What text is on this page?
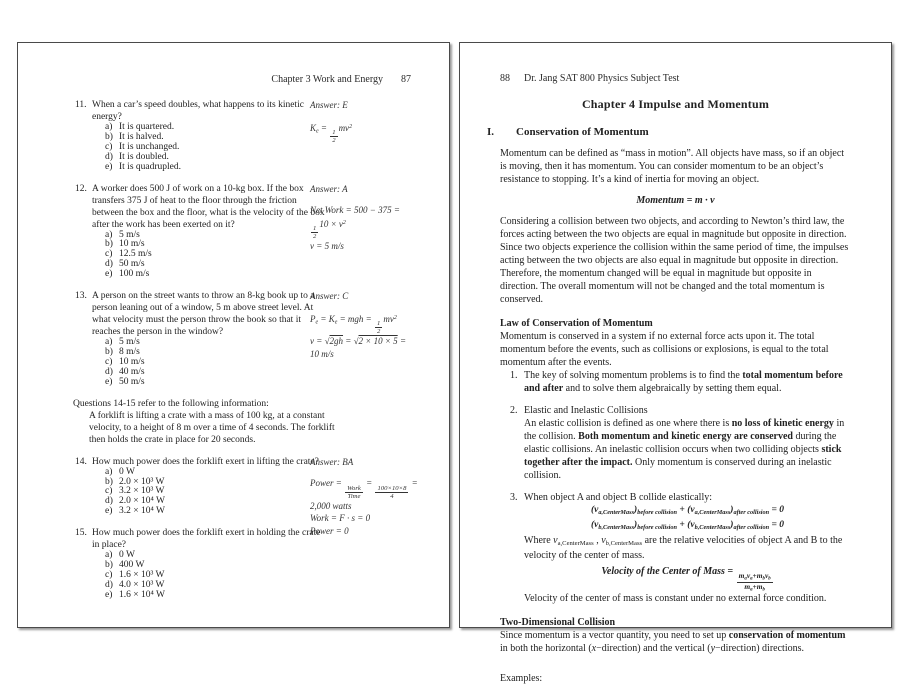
Chapter 3 Work and Energy 87
11. When a car’s speed doubles, what happens to its kinetic energy?
a) It is quartered.
b) It is halved.
c) It is unchanged.
d) It is doubled.
e) It is quadrupled.
Answer: E
Ke =
$\frac{1}{2}$
$mv^2$
12. A worker does 500 J of work on a 10-kg box. If the box transfers 375 J of heat to the floor through the friction between the box and the floor, what is the velocity of the box after the work has been exerted on it?
a) 5 m/s
b) 10 m/s
c) 12.5 m/s
d) 50 m/s
e) 100 m/s
Answer: A
Net Work = 500 − 375 =
$\frac{1}{2}$
$10 \times v^2$
v = 5 m/s
13. A person on the street wants to throw an 8-kg book up to a person leaning out of a window, 5 m above street level. At what velocity must the person throw the book so that it reaches the person in the window?
a) 5 m/s
b) 8 m/s
c) 10 m/s
d) 40 m/s
e) 50 m/s
Answer: C
Pe = Ke = mgh =
$\frac{1}{2}$
$mv^2$
v = √2gh = √2 × 10 × 5 =
10 m/s
Questions 14-15 refer to the following information:
A forklift is lifting a crate with a mass of 100 kg, at a constant velocity, to a height of 8 m over a time of 4 seconds. The forklift then holds the crate in place for 20 seconds.
14. How much power does the forklift exert in lifting the crate?
a) 0 W
b) 2.0 × 10³ W
c) 3.2 × 10³ W
d) 2.0 × 10⁴ W
e) 3.2 × 10⁴ W
Answer: BA
Power =
$\frac{\text{Work}}{\text{Time}}$
=
$\frac{100\times 10\times 8}{4}$
=
2,000 watts
Work = F · s = 0
Power = 0
15. How much power does the forklift exert in holding the crate in place?
a) 0 W
b) 400 W
c) 1.6 × 10³ W
d) 4.0 × 10³ W
e) 1.6 × 10⁴ W
88 Dr. Jang SAT 800 Physics Subject Test
Chapter 4 Impulse and Momentum
I. Conservation of Momentum
Momentum can be defined as “mass in motion”. All objects have mass, so if an object is moving, then it has momentum. You can consider momentum to be an object’s resistance to stopping. It’s a kind of inertia for moving an object.
Momentum = m · v
Considering a collision between two objects, and according to Newton’s third law, the forces acting between the two objects are equal in magnitude but opposite in direction. Since two objects experience the collision within the same period of time, the impulses acting between the two objects are also equal in magnitude but opposite in direction. Therefore, the momentum changed will be equal in magnitude but opposite in direction. The overall momentum will not be changed and the total momentum is conserved.
Law of Conservation of Momentum
Momentum is conserved in a system if no external force acts upon it. The total momentum before the events, such as collisions or explosions, is equal to the total momentum after the events.
1. The key of solving momentum problems is to find the total momentum before and after and to solve them algebraically by setting them equal.
2. Elastic and Inelastic Collisions
An elastic collision is defined as one where there is no loss of kinetic energy in the collision. Both momentum and kinetic energy are conserved during the elastic collisions. An inelastic collision occurs when two colliding objects stick together after the impact. Only momentum is conserved during an inelastic collision.
3. When object A and object B collide elastically:
(va,CenterMass)before collision + (va,CenterMass)after collision = 0
(vb,CenterMass)before collision + (vb,CenterMass)after collision = 0
Where va,CenterMass , vb,CenterMass are the relative velocities of object A and B to the velocity of the center of mass.
Velocity of the Center of Mass =
$\frac{\text{mava+mbvb}}{ma+mb}$
Velocity of the center of mass is constant under no external force condition.
Two-Dimensional Collision
Since momentum is a vector quantity, you need to set up conservation of momentum in both the horizontal (x−direction) and the vertical (y−direction) directions.
Examples:
